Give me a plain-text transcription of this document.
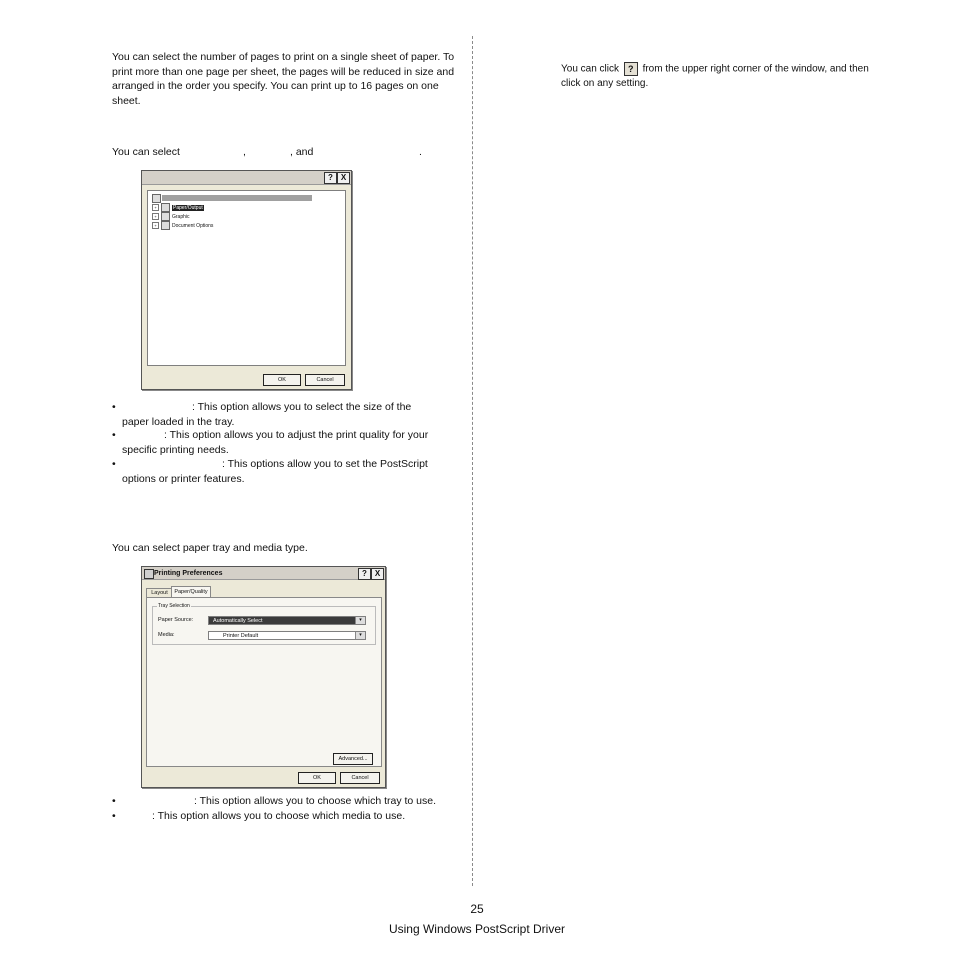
You can select the number of pages to print on a single sheet of paper. To print more than one page per sheet, the pages will be reduced in size and arranged in the order you specify. You can print up to 16 pages on one sheet.
You can select	,	, and	.
? X
+	Paper/Output
+	Graphic
+	Document Options
OK	Cancel
•	: This option allows you to select the size of the
paper loaded in the tray.
•	: This option allows you to adjust the print quality for your
specific printing needs.
•	: This options allow you to set the PostScript
options or printer features.
You can select paper tray and media type.
Printing Preferences	? X
Layout	Paper/Quality
Tray Selection
Paper Source:	Automatically Select	▾
Media:	Printer Default	▾
Advanced...
OK	Cancel
•	: This option allows you to choose which tray to use.
•	: This option allows you to choose which media to use.
You can click ? from the upper right corner of the window, and then
click on any setting.
25
Using Windows PostScript Driver
